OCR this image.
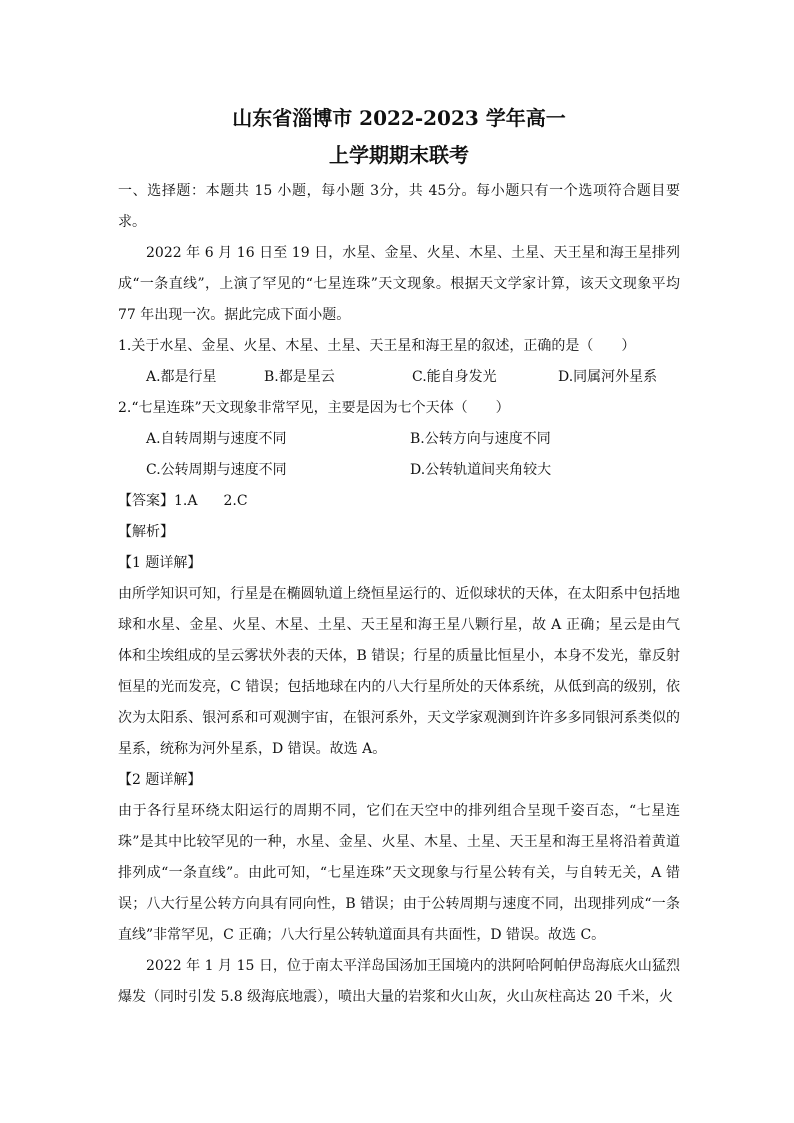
山东省淄博市 2022-2023 学年高一

上学期期末联考

一、选择题：本题共 15 小题，每小题 3分，共 45分。每小题只有一个选项符合题目要求。

2022 年 6 月 16 日至 19 日，水星、金星、火星、木星、土星、天王星和海王星排列成“一条直线”，上演了罕见的“七星连珠”天文现象。根据天文学家计算，该天文现象平均 77 年出现一次。据此完成下面小题。

1.关于水星、金星、火星、木星、土星、天王星和海王星的叙述，正确的是（　　）

A.都是行星	B.都是星云	C.能自身发光	D.同属河外星系

2.“七星连珠”天文现象非常罕见，主要是因为七个天体（　　）

A.自转周期与速度不同	B.公转方向与速度不同
C.公转周期与速度不同	D.公转轨道间夹角较大

【答案】1.A 2.C

【解析】

【1 题详解】

由所学知识可知，行星是在椭圆轨道上绕恒星运行的、近似球状的天体，在太阳系中包括地球和水星、金星、火星、木星、土星、天王星和海王星八颗行星，故 A 正确；星云是由气体和尘埃组成的呈云雾状外表的天体，B 错误；行星的质量比恒星小，本身不发光，靠反射恒星的光而发亮，C 错误；包括地球在内的八大行星所处的天体系统，从低到高的级别，依次为太阳系、银河系和可观测宇宙，在银河系外，天文学家观测到许许多多同银河系类似的星系，统称为河外星系，D 错误。故选 A。

【2 题详解】

由于各行星环绕太阳运行的周期不同，它们在天空中的排列组合呈现千姿百态，“七星连珠”是其中比较罕见的一种，水星、金星、火星、木星、土星、天王星和海王星将沿着黄道排列成“一条直线”。由此可知，“七星连珠”天文现象与行星公转有关，与自转无关，A 错误；八大行星公转方向具有同向性，B 错误；由于公转周期与速度不同，出现排列成“一条直线”非常罕见，C 正确；八大行星公转轨道面具有共面性，D 错误。故选 C。

2022 年 1 月 15 日，位于南太平洋岛国汤加王国境内的洪阿哈阿帕伊岛海底火山猛烈爆发（同时引发 5.8 级海底地震），喷出大量的岩浆和火山灰，火山灰柱高达 20 千米，火
